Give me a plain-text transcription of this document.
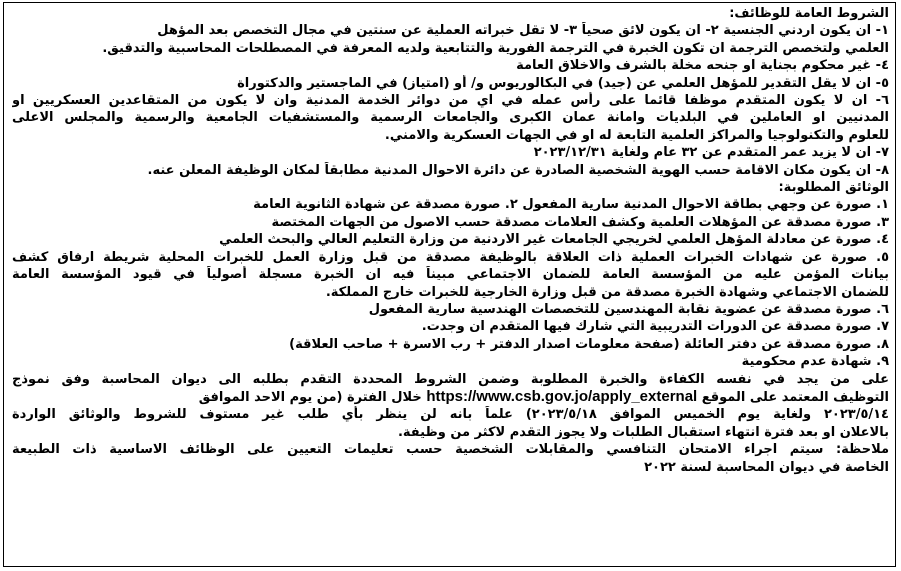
الشروط العامة للوظائف:
١- ان يكون اردني الجنسية ٢- ان يكون لائق صحياً ٣- لا تقل خبراته العملية عن سنتين في مجال التخصص بعد المؤهل
العلمي ولتخصص الترجمة ان تكون الخبرة في الترجمة الفورية والتتابعية ولديه المعرفة في المصطلحات المحاسبية والتدقيق.
٤- غير محكوم بجناية او جنحه مخلة بالشرف والاخلاق العامة
٥- ان لا يقل التقدير للمؤهل العلمي عن (جيد) في البكالوريوس و/ أو (امتياز) في الماجستير والدكتوراة
٦- ان لا يكون المتقدم موظفا قائما على رأس عمله في اي من دوائر الخدمة المدنية وان لا يكون من المتقاعدين العسكريين او
المدنيين او العاملين في البلديات وامانة عمان الكبرى والجامعات الرسمية والمستشفيات الجامعية والرسمية والمجلس الاعلى
للعلوم والتكنولوجيا والمراكز العلمية التابعة له او في الجهات العسكرية والامني.
٧- ان لا يزيد عمر المتقدم عن ٣٢ عام ولغاية ٢٠٢٣/١٢/٣١
٨- ان يكون مكان الاقامة حسب الهوية الشخصية الصادرة عن دائرة الاحوال المدنية مطابقاً لمكان الوظيفة المعلن عنه.
الوثائق المطلوبة:
١. صورة عن وجهي بطاقة الاحوال المدنية سارية المفعول ٢. صورة مصدقة عن شهادة الثانوية العامة
٣. صورة مصدقة عن المؤهلات العلمية وكشف العلامات مصدقة حسب الاصول من الجهات المختصة
٤. صورة عن معادلة المؤهل العلمي لخريجي الجامعات غير الاردنية من وزارة التعليم العالي والبحث العلمي
٥. صورة عن شهادات الخبرات العملية ذات العلاقة بالوظيفة مصدقة من قبل وزارة العمل للخبرات المحلية شريطة ارفاق كشف
بيانات المؤمن عليه من المؤسسة العامة للضمان الاجتماعي مبيناً فيه ان الخبرة مسجلة أصولياً في قيود المؤسسة العامة
للضمان الاجتماعي وشهادة الخبرة مصدقة من قبل وزارة الخارجية للخبرات خارج المملكة.
٦. صورة مصدقة عن عضوية نقابة المهندسين للتخصصات الهندسية سارية المفعول
٧. صورة مصدقة عن الدورات التدريبية التي شارك فيها المتقدم ان وجدت.
٨. صورة مصدقة عن دفتر العائلة (صفحة معلومات اصدار الدفتر + رب الاسرة + صاحب العلاقة)
٩. شهادة عدم محكومية
على من يجد في نفسه الكفاءة والخبرة المطلوبة وضمن الشروط المحددة التقدم بطلبه الى ديوان المحاسبة وفق نموذج
التوظيف المعتمد على الموقع https://www.csb.gov.jo/apply_external خلال الفترة (من يوم الاحد الموافق
٢٠٢٣/٥/١٤ ولغاية يوم الخميس الموافق ٢٠٢٣/٥/١٨) علماً بانه لن ينظر بأي طلب غير مستوف للشروط والوثائق الواردة
بالاعلان او بعد فترة انتهاء استقبال الطلبات ولا يجوز التقدم لاكثر من وظيفة.
ملاحظة: سيتم اجراء الامتحان التنافسي والمقابلات الشخصية حسب تعليمات التعيين على الوظائف الاساسية ذات الطبيعة
الخاصة في ديوان المحاسبة لسنة ٢٠٢٢
